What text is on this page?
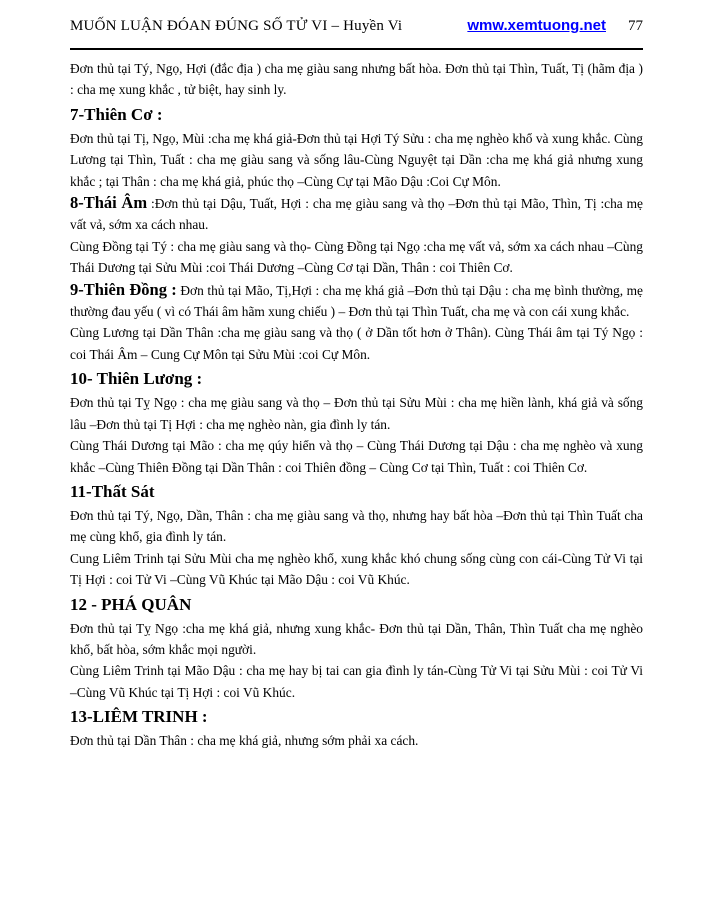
MUỐN LUẬN ĐÓAN ĐÚNG SỐ TỬ VI – Huyền Vi	wmw.xemtuong.net 77

Đơn thủ tại Tý, Ngọ, Hợi (đắc địa ) cha mẹ giàu sang nhưng bất hòa. Đơn thủ tại Thìn, Tuất, Tị (hãm địa ) : cha mẹ xung khắc , tử biệt, hay sinh ly.

7-Thiên Cơ :

Đơn thủ tại Tị, Ngọ, Mùi :cha mẹ khá giả-Đơn thủ tại Hợi Tý Sửu : cha mẹ nghèo khổ và xung khắc. Cùng Lương tại Thìn, Tuất : cha mẹ giàu sang và sống lâu-Cùng Nguyệt tại Dần :cha mẹ khá giả nhưng xung khắc ; tại Thân : cha mẹ khá giả, phúc thọ –Cùng Cự tại Mão Dậu :Coi Cự Môn.

8-Thái Âm :Đơn thủ tại Dậu, Tuất, Hợi : cha mẹ giàu sang và thọ –Đơn thủ tại Mão, Thìn, Tị :cha mẹ vất vả, sớm xa cách nhau.

Cùng Đồng tại Tý : cha mẹ giàu sang và thọ- Cùng Đồng tại Ngọ :cha mẹ vất vả, sớm xa cách nhau –Cùng Thái Dương tại Sửu Mùi :coi Thái Dương –Cùng Cơ tại Dần, Thân : coi Thiên Cơ.

9-Thiên Đồng : Đơn thủ tại Mão, Tị,Hợi : cha mẹ khá giả –Đơn thủ tại Dậu : cha mẹ bình thường, mẹ thường đau yếu ( vì có Thái âm hãm xung chiếu ) – Đơn thủ tại Thìn Tuất, cha mẹ và con cái xung khắc.

Cùng Lương tại Dần Thân :cha mẹ giàu sang và thọ ( ở Dần tốt hơn ở Thân). Cùng Thái âm tại Tý Ngọ : coi Thái Âm – Cung Cự Môn tại Sửu Mùi :coi Cự Môn.

10- Thiên Lương :

Đơn thủ tại Tỵ Ngọ : cha mẹ giàu sang và thọ – Đơn thủ tại Sửu Mùi : cha mẹ hiền lành, khá giả và sống lâu –Đơn thủ tại Tị Hợi : cha mẹ nghèo nàn, gia đình ly tán.

Cùng Thái Dương tại Mão : cha mẹ qúy hiển và thọ – Cùng Thái Dương tại Dậu : cha mẹ nghèo và xung khắc –Cùng Thiên Đồng tại Dần Thân : coi Thiên đồng – Cùng Cơ tại Thìn, Tuất : coi Thiên Cơ.

11-Thất Sát

Đơn thủ tại Tý, Ngọ, Dần, Thân : cha mẹ giàu sang và thọ, nhưng hay bất hòa –Đơn thủ tại Thìn Tuất cha mẹ cùng khổ, gia đình ly tán.

Cung Liêm Trinh tại Sửu Mùi cha mẹ nghèo khổ, xung khắc khó chung sống cùng con cái-Cùng Tử Vi tại Tị Hợi : coi Tử Vi –Cùng Vũ Khúc tại Mão Dậu : coi Vũ Khúc.

12 - PHÁ QUÂN

Đơn thủ tại Tỵ Ngọ :cha mẹ khá giả, nhưng xung khắc- Đơn thủ tại Dần, Thân, Thìn Tuất cha mẹ nghèo khổ, bất hòa, sớm khắc mọi người.

Cùng Liêm Trinh tại Mão Dậu : cha mẹ hay bị tai can gia đình ly tán-Cùng Tử Vi tại Sửu Mùi : coi Tử Vi –Cùng Vũ Khúc tại Tị Hợi : coi Vũ Khúc.

13-LIÊM TRINH :

Đơn thủ tại Dần Thân : cha mẹ khá giả, nhưng sớm phải xa cách.
